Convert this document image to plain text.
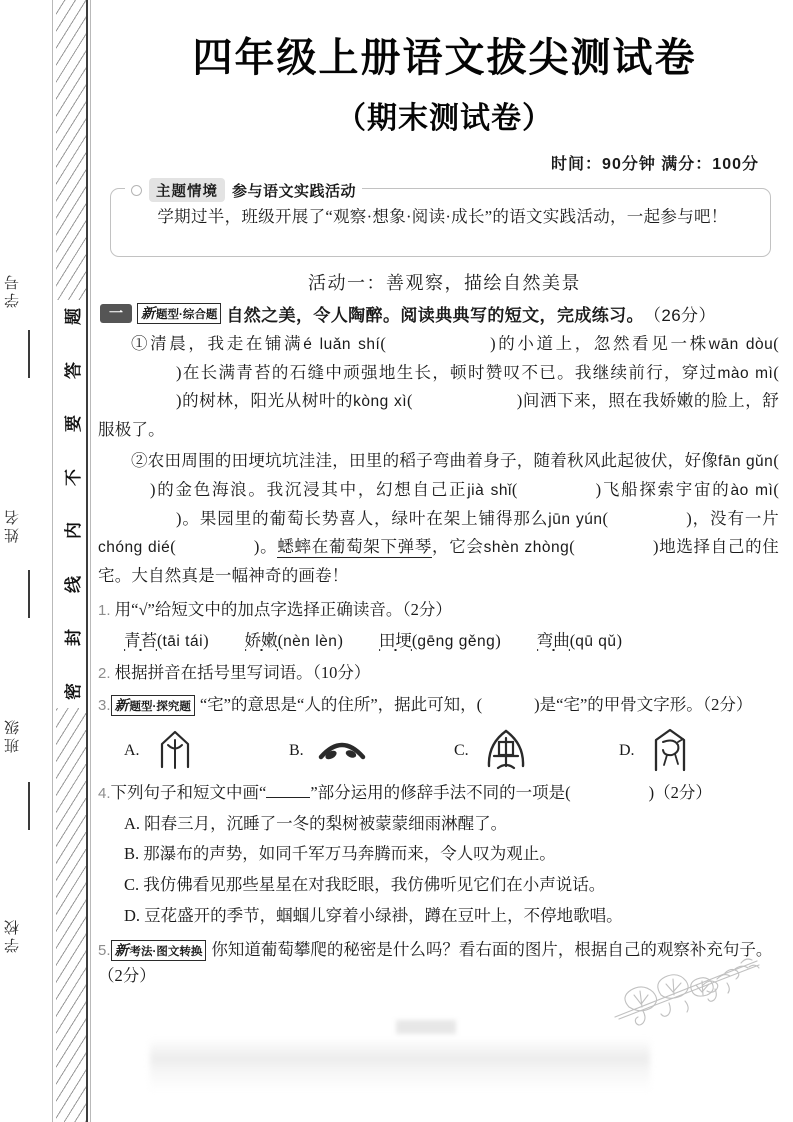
学号
姓名
班级
学校
题
答
要
不
内
线
封
密
四年级上册语文拔尖测试卷
（期末测试卷）
时间：90分钟 满分：100分
主题情境 参与语文实践活动
学期过半，班级开展了“观察·想象·阅读·成长”的语文实践活动，一起参与吧！
活动一：善观察，描绘自然美景
一	新题型·综合题 自然之美，令人陶醉。阅读典典写的短文，完成练习。 （26分）

①清晨，我走在铺满é luǎn shí(	)的小道上，忽然看见一株wān dòu()在长满青苔的石缝中顽强地生长，顿时赞叹不已。我继续前行，穿过mào mì()的树林，阳光从树叶的kòng xì(	)间洒下来，照在我娇嫩的脸上，舒服极了。

②农田周围的田埂坑坑洼洼，田里的稻子弯曲着身子，随着秋风此起彼伏，好像fān gǔn()的金色海浪。我沉浸其中，幻想自己正jià shǐ(	)飞船探索宇宙的ào mì()。果园里的葡萄长势喜人，绿叶在架上铺得那么jūn yún(	)，没有一片chóng dié(	)。蟋蟀在葡萄架下弹琴，它会shèn zhòng(	)地选择自己的住宅。大自然真是一幅神奇的画卷！

1. 用“√”给短文中的加点字选择正确读音。（2分）
青苔(tāi tái) 娇嫩(nèn lèn) 田埂(gēng gěng) 弯曲(qū qǔ)
2. 根据拼音在括号里写词语。（10分）
3. 新题型·探究题 “宅”的意思是“人的住所”，据此可知，(	)是“宅”的甲骨文字形。（2分）
A.	B.	C.	D.
4.下列句子和短文中画“	”部分运用的修辞手法不同的一项是(	)（2分）
A. 阳春三月，沉睡了一冬的梨树被蒙蒙细雨淋醒了。
B. 那瀑布的声势，如同千军万马奔腾而来，令人叹为观止。
C. 我仿佛看见那些星星在对我眨眼，我仿佛听见它们在小声说话。
D. 豆花盛开的季节，蝈蝈儿穿着小绿褂，蹲在豆叶上，不停地歌唱。
5. 新考法·图文转换 你知道葡萄攀爬的秘密是什么吗？看右面的图片，根据自己的观察补充句子。（2分）
